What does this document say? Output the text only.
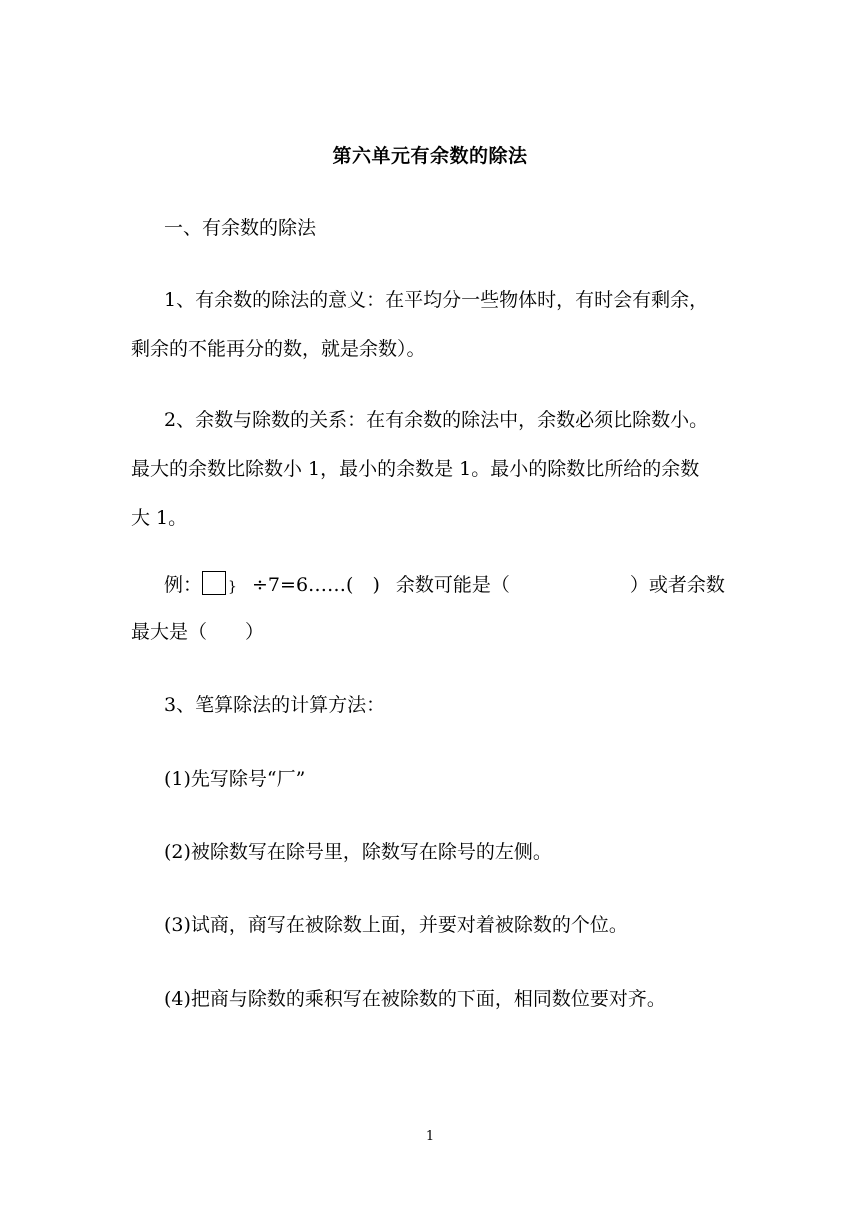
第六单元有余数的除法
一、有余数的除法
1、有余数的除法的意义：在平均分一些物体时，有时会有剩余，
剩余的不能再分的数，就是余数）。
2、余数与除数的关系：在有余数的除法中，余数必须比除数小。
最大的余数比除数小 1，最小的余数是 1。最小的除数比所给的余数
大 1。
例： } ÷7=6……(　) 余数可能是（	）或者余数
最大是（　　）
3、笔算除法的计算方法：
(1)先写除号“厂”
(2)被除数写在除号里，除数写在除号的左侧。
(3)试商，商写在被除数上面，并要对着被除数的个位。
(4)把商与除数的乘积写在被除数的下面，相同数位要对齐。
1
